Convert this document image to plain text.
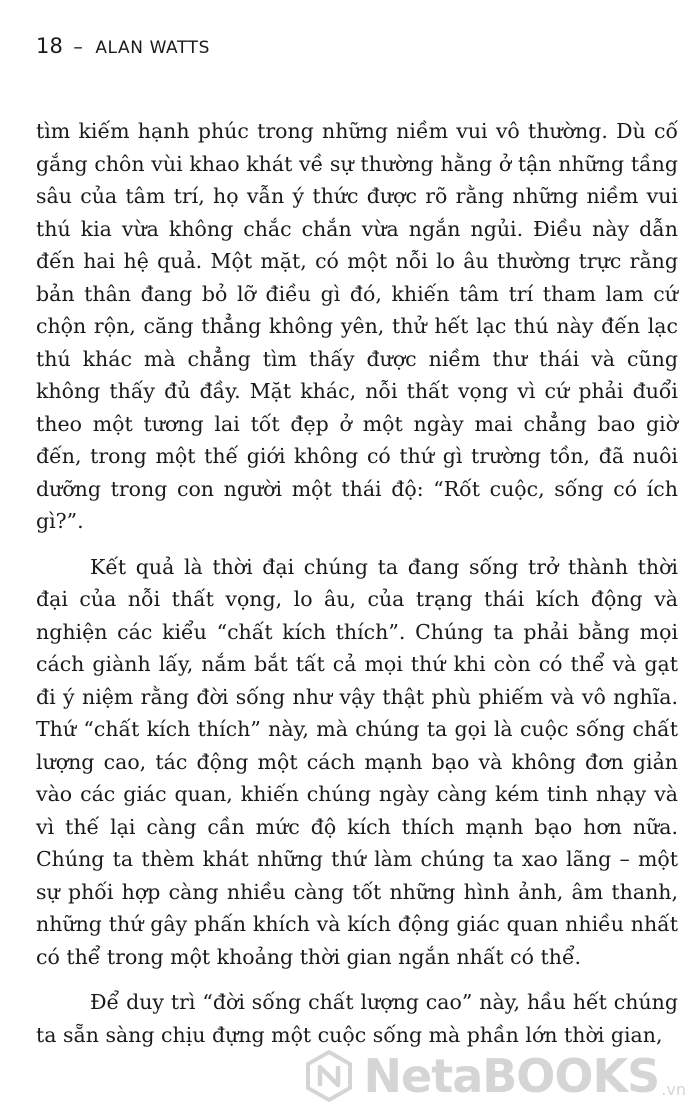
18 – ALAN WATTS

tìm kiếm hạnh phúc trong những niềm vui vô thường. Dù cố gắng chôn vùi khao khát về sự thường hằng ở tận những tầng sâu của tâm trí, họ vẫn ý thức được rõ rằng những niềm vui thú kia vừa không chắc chắn vừa ngắn ngủi. Điều này dẫn đến hai hệ quả. Một mặt, có một nỗi lo âu thường trực rằng bản thân đang bỏ lỡ điều gì đó, khiến tâm trí tham lam cứ chộn rộn, căng thẳng không yên, thử hết lạc thú này đến lạc thú khác mà chẳng tìm thấy được niềm thư thái và cũng không thấy đủ đầy. Mặt khác, nỗi thất vọng vì cứ phải đuổi theo một tương lai tốt đẹp ở một ngày mai chẳng bao giờ đến, trong một thế giới không có thứ gì trường tồn, đã nuôi dưỡng trong con người một thái độ: “Rốt cuộc, sống có ích gì?”.

Kết quả là thời đại chúng ta đang sống trở thành thời đại của nỗi thất vọng, lo âu, của trạng thái kích động và nghiện các kiểu “chất kích thích”. Chúng ta phải bằng mọi cách giành lấy, nắm bắt tất cả mọi thứ khi còn có thể và gạt đi ý niệm rằng đời sống như vậy thật phù phiếm và vô nghĩa. Thứ “chất kích thích” này, mà chúng ta gọi là cuộc sống chất lượng cao, tác động một cách mạnh bạo và không đơn giản vào các giác quan, khiến chúng ngày càng kém tinh nhạy và vì thế lại càng cần mức độ kích thích mạnh bạo hơn nữa. Chúng ta thèm khát những thứ làm chúng ta xao lãng – một sự phối hợp càng nhiều càng tốt những hình ảnh, âm thanh, những thứ gây phấn khích và kích động giác quan nhiều nhất có thể trong một khoảng thời gian ngắn nhất có thể.

Để duy trì “đời sống chất lượng cao” này, hầu hết chúng ta sẵn sàng chịu đựng một cuộc sống mà phần lớn thời gian,

NetaBOOKS .vn
